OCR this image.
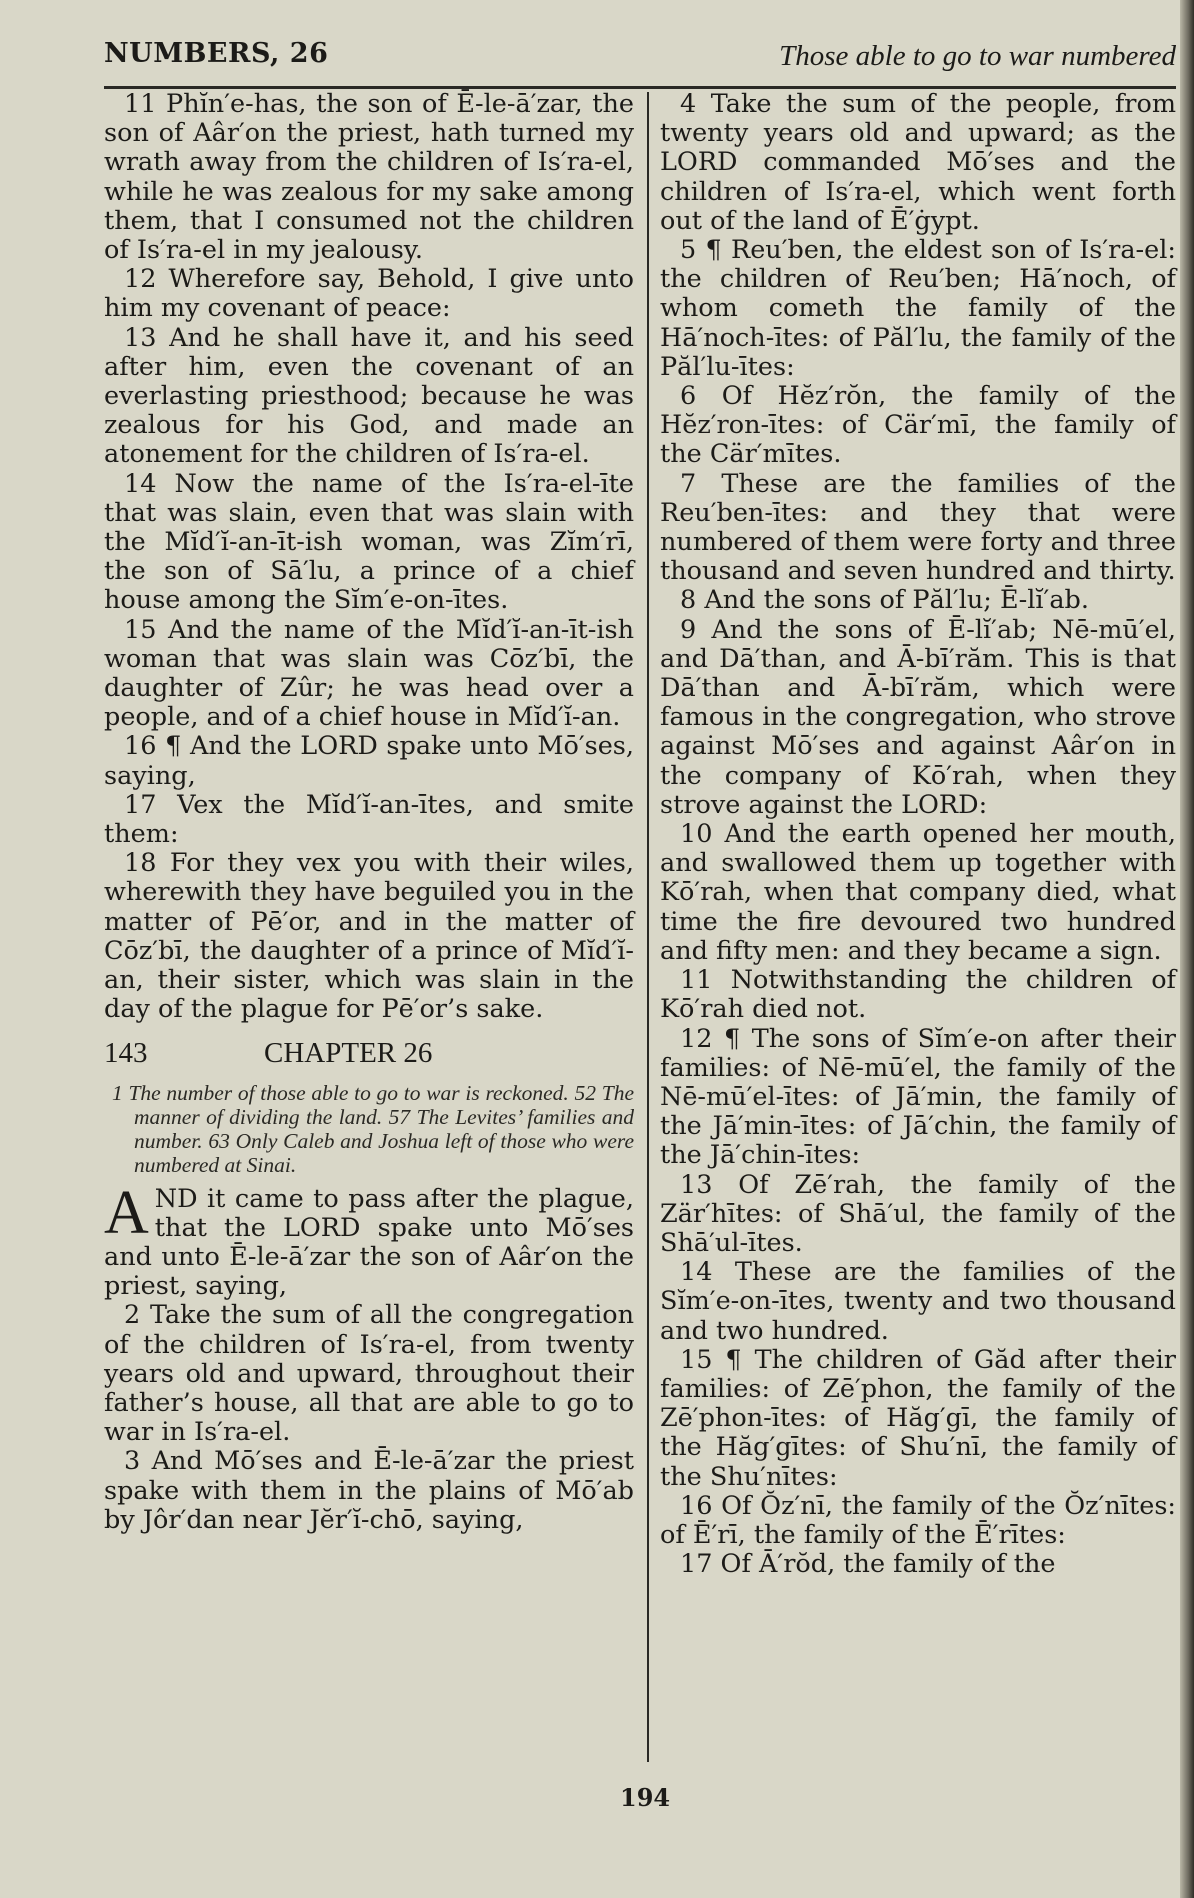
NUMBERS, 26	Those able to go to war numbered

11 Phĭn′e-has, the son of Ē-le-ā′zar, the son of Aâr′on the priest, hath turned my wrath away from the children of Is′ra-el, while he was zealous for my sake among them, that I consumed not the children of Is′ra-el in my jealousy.

12 Wherefore say, Behold, I give unto him my covenant of peace:

13 And he shall have it, and his seed after him, even the covenant of an everlasting priesthood; because he was zealous for his God, and made an atonement for the children of Is′ra-el.

14 Now the name of the Is′ra-el-īte that was slain, even that was slain with the Mĭd′ĭ-an-īt-ish woman, was Zĭm′rī, the son of Sā′lu, a prince of a chief house among the Sĭm′e-on-ītes.

15 And the name of the Mĭd′ĭ-an-īt-ish woman that was slain was Cōz′bī, the daughter of Zûr; he was head over a people, and of a chief house in Mĭd′ĭ-an.

16 ¶ And the LORD spake unto Mō′ses, saying,

17 Vex the Mĭd′ĭ-an-ītes, and smite them:

18 For they vex you with their wiles, wherewith they have beguiled you in the matter of Pē′or, and in the matter of Cōz′bī, the daughter of a prince of Mĭd′ĭ-an, their sister, which was slain in the day of the plague for Pē′or’s sake.

143	CHAPTER 26
1 The number of those able to go to war is reckoned. 52 The manner of dividing the land. 57 The Levites’ families and number. 63 Only Caleb and Joshua left of those who were numbered at Sinai.

A ND it came to pass after the plague, that the LORD spake unto Mō′ses and unto Ē-le-ā′zar the son of Aâr′on the priest, saying,

2 Take the sum of all the congregation of the children of Is′ra-el, from twenty years old and upward, throughout their father’s house, all that are able to go to war in Is′ra-el.

3 And Mō′ses and Ē-le-ā′zar the priest spake with them in the plains of Mō′ab by Jôr′dan near Jĕr′ĭ-chō, saying,

4 Take the sum of the people, from twenty years old and upward; as the LORD commanded Mō′ses and the children of Is′ra-el, which went forth out of the land of Ē′ġypt.

5 ¶ Reu′ben, the eldest son of Is′ra-el: the children of Reu′ben; Hā′noch, of whom cometh the family of the Hā′noch-ītes: of Păl′lu, the family of the Păl′lu-ītes:

6 Of Hĕz′rŏn, the family of the Hĕz′ron-ītes: of Cär′mī, the family of the Cär′mītes.

7 These are the families of the Reu′ben-ītes: and they that were numbered of them were forty and three thousand and seven hundred and thirty.

8 And the sons of Păl′lu; Ē-lĭ′ab.

9 And the sons of Ē-lĭ′ab; Nē-mū′el, and Dā′than, and Ā-bī′răm. This is that Dā′than and Ā-bī′răm, which were famous in the congregation, who strove against Mō′ses and against Aâr′on in the company of Kō′rah, when they strove against the LORD:

10 And the earth opened her mouth, and swallowed them up together with Kō′rah, when that company died, what time the fire devoured two hundred and fifty men: and they became a sign.

11 Notwithstanding the children of Kō′rah died not.

12 ¶ The sons of Sĭm′e-on after their families: of Nē-mū′el, the family of the Nē-mū′el-ītes: of Jā′min, the family of the Jā′min-ītes: of Jā′chin, the family of the Jā′chin-ītes:

13 Of Zē′rah, the family of the Zär′hītes: of Shā′ul, the family of the Shā′ul-ītes.

14 These are the families of the Sĭm′e-on-ītes, twenty and two thousand and two hundred.

15 ¶ The children of Găd after their families: of Zē′phon, the family of the Zē′phon-ītes: of Hăg′gī, the family of the Hăg′gītes: of Shu′nī, the family of the Shu′nītes:

16 Of Ŏz′nī, the family of the Ŏz′nītes: of Ē′rī, the family of the Ē′rītes:

17 Of Ā′rŏd, the family of the

194
